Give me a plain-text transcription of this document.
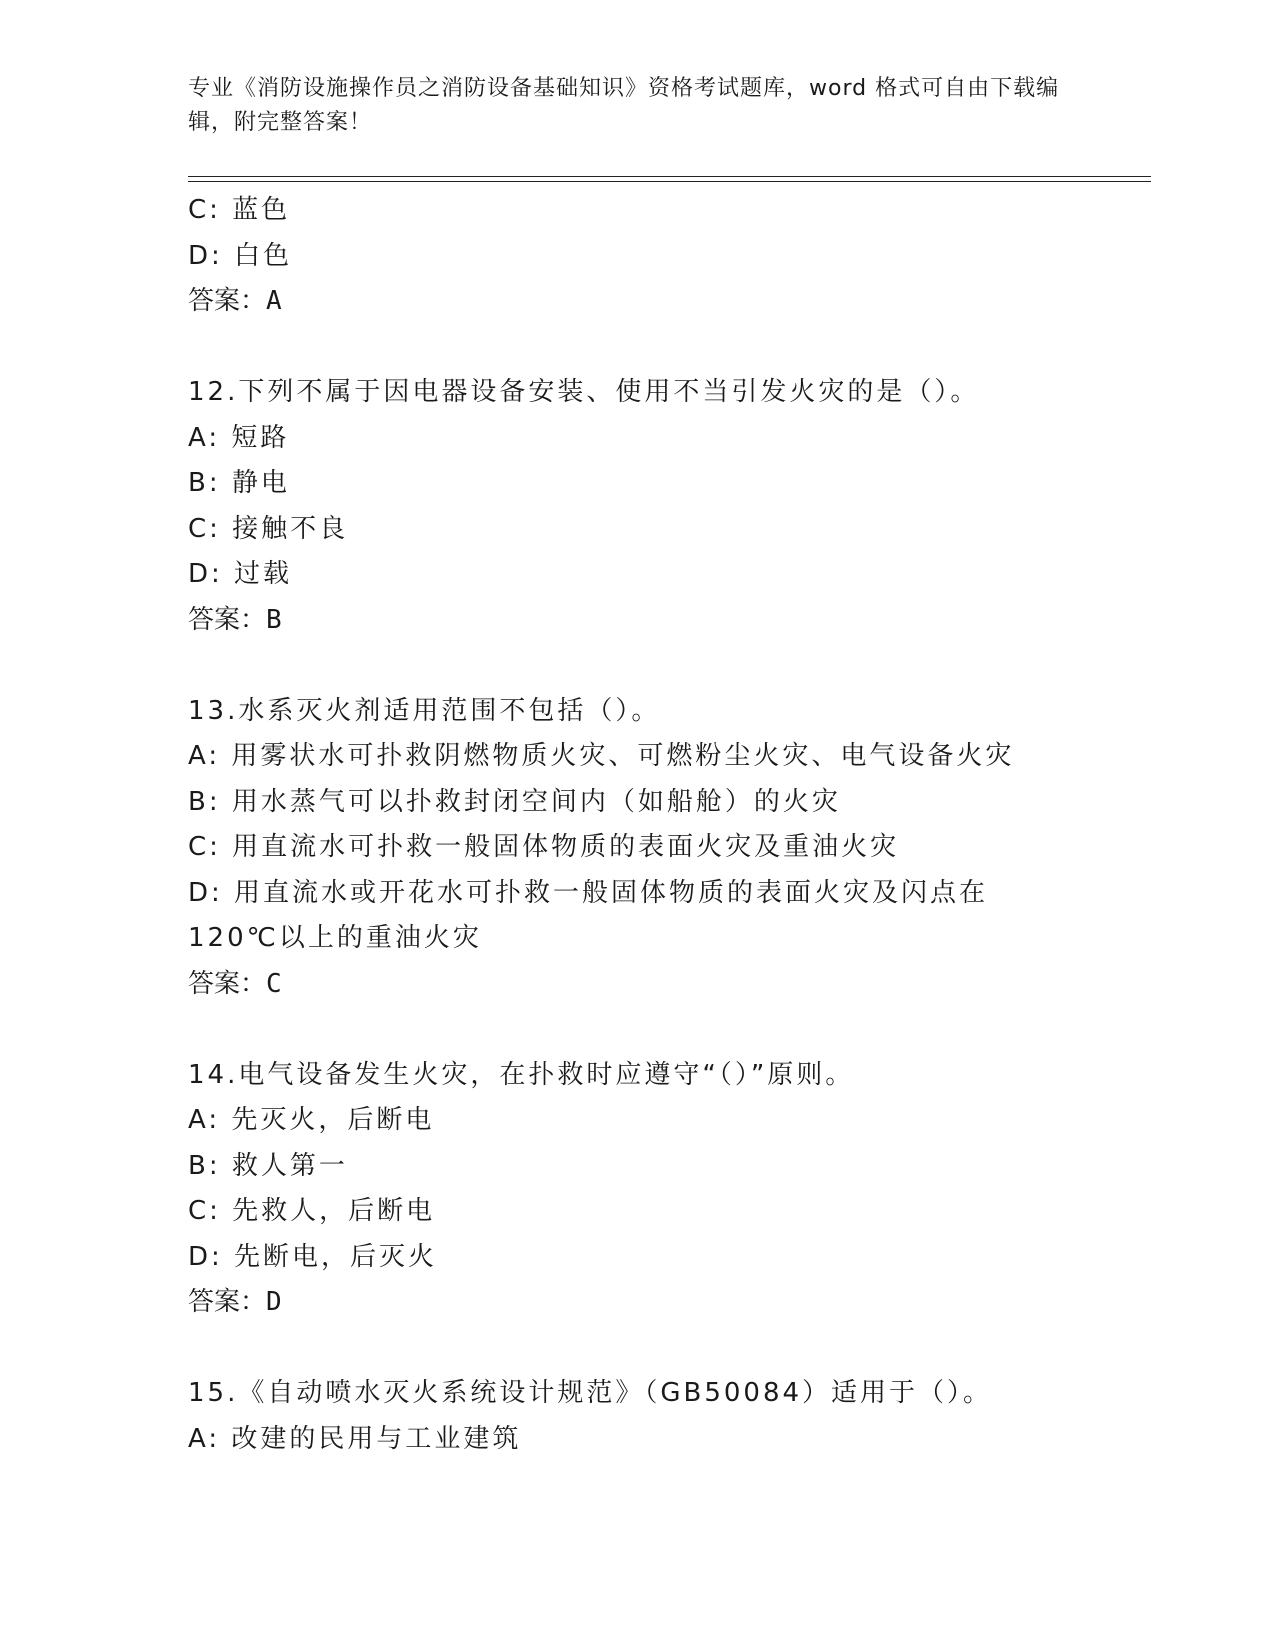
专业《消防设施操作员之消防设备基础知识》资格考试题库，word 格式可自由下载编辑，附完整答案！
C: 蓝色
D: 白色
答案：A
12.下列不属于因电器设备安装、使用不当引发火灾的是（）。
A: 短路
B: 静电
C: 接触不良
D: 过载
答案：B
13.水系灭火剂适用范围不包括（）。
A: 用雾状水可扑救阴燃物质火灾、可燃粉尘火灾、电气设备火灾
B: 用水蒸气可以扑救封闭空间内（如船舱）的火灾
C: 用直流水可扑救一般固体物质的表面火灾及重油火灾
D: 用直流水或开花水可扑救一般固体物质的表面火灾及闪点在 120℃以上的重油火灾
答案：C
14.电气设备发生火灾，在扑救时应遵守“（）”原则。
A: 先灭火，后断电
B: 救人第一
C: 先救人，后断电
D: 先断电，后灭火
答案：D
15.《自动喷水灭火系统设计规范》（GB50084）适用于（）。
A: 改建的民用与工业建筑
